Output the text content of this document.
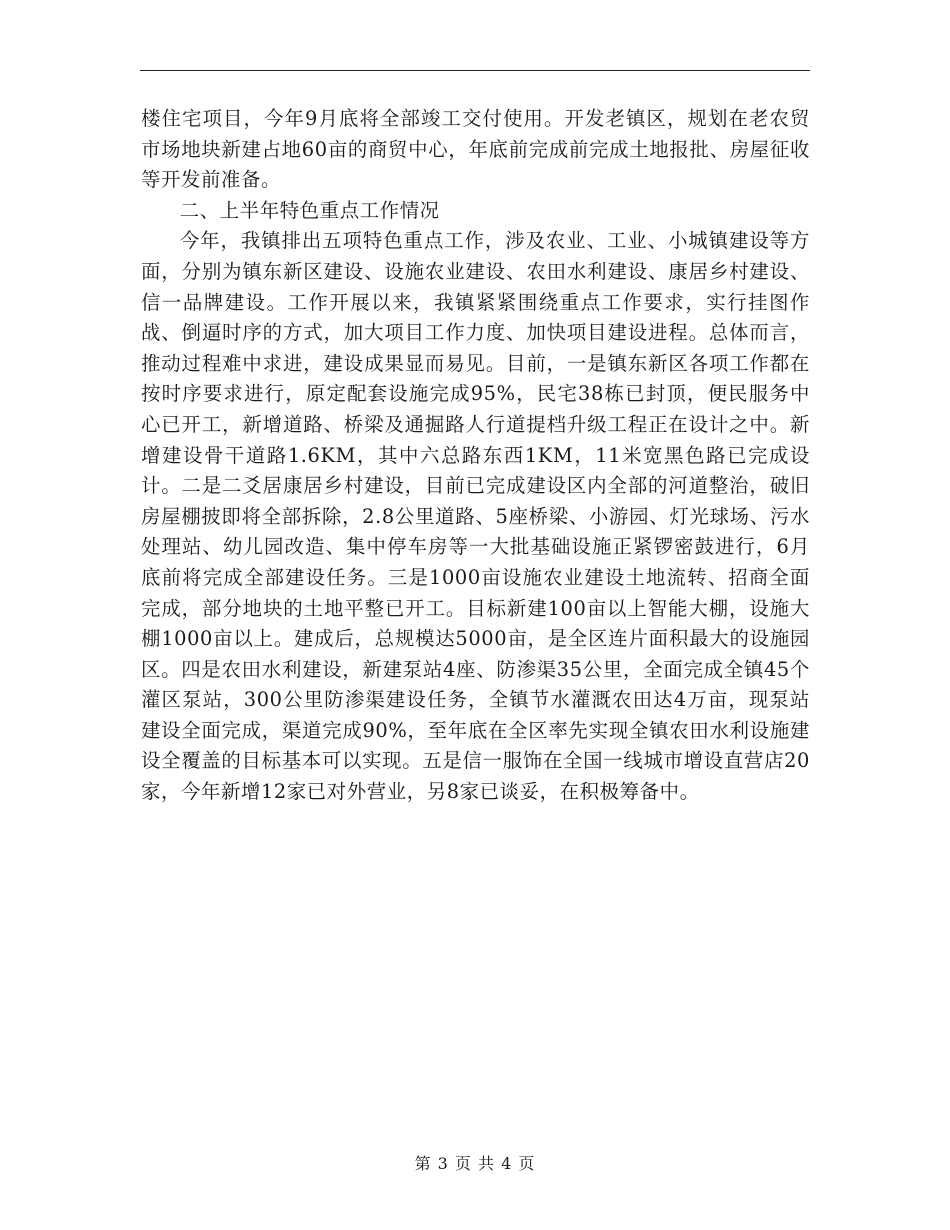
楼住宅项目，今年9月底将全部竣工交付使用。开发老镇区，规划在老农贸市场地块新建占地60亩的商贸中心，年底前完成前完成土地报批、房屋征收等开发前准备。

二、上半年特色重点工作情况

今年，我镇排出五项特色重点工作，涉及农业、工业、小城镇建设等方面，分别为镇东新区建设、设施农业建设、农田水利建设、康居乡村建设、信一品牌建设。工作开展以来，我镇紧紧围绕重点工作要求，实行挂图作战、倒逼时序的方式，加大项目工作力度、加快项目建设进程。总体而言，推动过程难中求进，建设成果显而易见。目前，一是镇东新区各项工作都在按时序要求进行，原定配套设施完成95%，民宅38栋已封顶，便民服务中心已开工，新增道路、桥梁及通掘路人行道提档升级工程正在设计之中。新增建设骨干道路1.6KM，其中六总路东西1KM，11米宽黑色路已完成设计。二是二爻居康居乡村建设，目前已完成建设区内全部的河道整治，破旧房屋棚披即将全部拆除，2.8公里道路、5座桥梁、小游园、灯光球场、污水处理站、幼儿园改造、集中停车房等一大批基础设施正紧锣密鼓进行，6月底前将完成全部建设任务。三是1000亩设施农业建设土地流转、招商全面完成，部分地块的土地平整已开工。目标新建100亩以上智能大棚，设施大棚1000亩以上。建成后，总规模达5000亩，是全区连片面积最大的设施园区。四是农田水利建设，新建泵站4座、防渗渠35公里，全面完成全镇45个灌区泵站，300公里防渗渠建设任务，全镇节水灌溉农田达4万亩，现泵站建设全面完成，渠道完成90%，至年底在全区率先实现全镇农田水利设施建设全覆盖的目标基本可以实现。五是信一服饰在全国一线城市增设直营店20家，今年新增12家已对外营业，另8家已谈妥，在积极筹备中。

第 3 页 共 4 页
